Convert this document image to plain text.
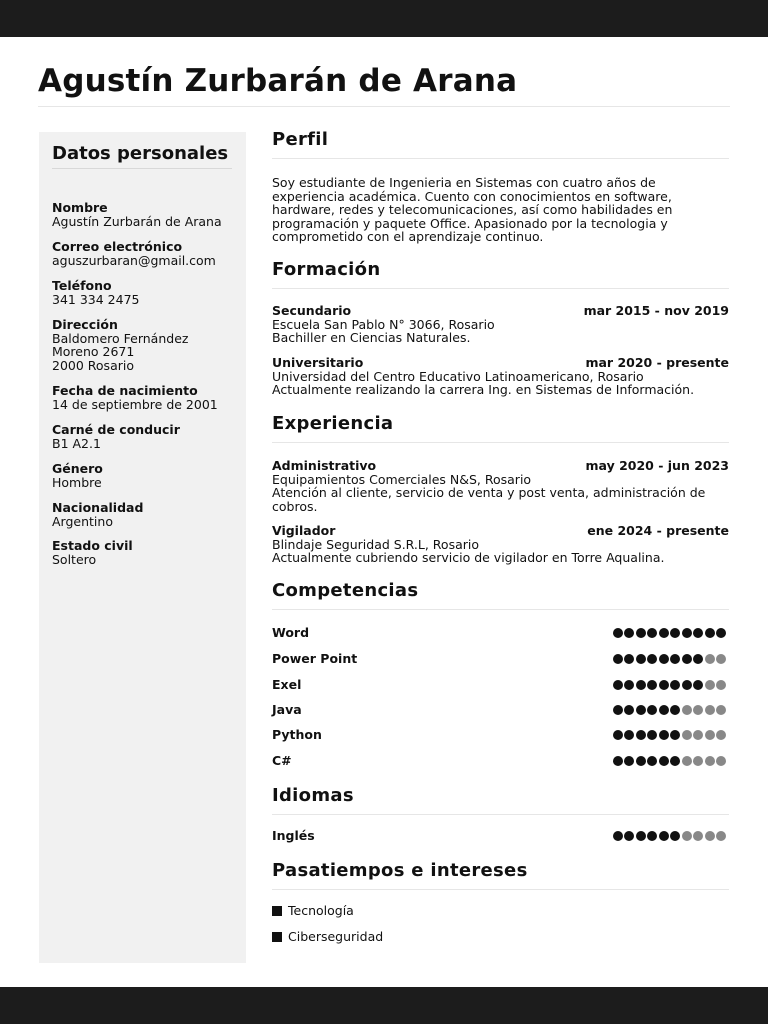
Agustín Zurbarán de Arana
Datos personales
Nombre
Agustín Zurbarán de Arana
Correo electrónico
aguszurbaran@gmail.com
Teléfono
341 334 2475
Dirección
Baldomero Fernández
Moreno 2671
2000 Rosario
Fecha de nacimiento
14 de septiembre de 2001
Carné de conducir
B1 A2.1
Género
Hombre
Nacionalidad
Argentino
Estado civil
Soltero
Perfil

Soy estudiante de Ingenieria en Sistemas con cuatro años de experiencia académica. Cuento con conocimientos en software, hardware, redes y telecomunicaciones, así como habilidades en programación y paquete Office. Apasionado por la tecnologia y comprometido con el aprendizaje continuo.

Formación
Secundario	mar 2015 - nov 2019
Escuela San Pablo N° 3066, Rosario
Bachiller en Ciencias Naturales.
Universitario	mar 2020 - presente
Universidad del Centro Educativo Latinoamericano, Rosario
Actualmente realizando la carrera Ing. en Sistemas de Información.
Experiencia
Administrativo	may 2020 - jun 2023
Equipamientos Comerciales N&S, Rosario
Atención al cliente, servicio de venta y post venta, administración de cobros.
Vigilador	ene 2024 - presente
Blindaje Seguridad S.R.L, Rosario
Actualmente cubriendo servicio de vigilador en Torre Aqualina.
Competencias
Word
Power Point
Exel
Java
Python
C#
Idiomas
Inglés
Pasatiempos e intereses
Tecnología
Ciberseguridad
